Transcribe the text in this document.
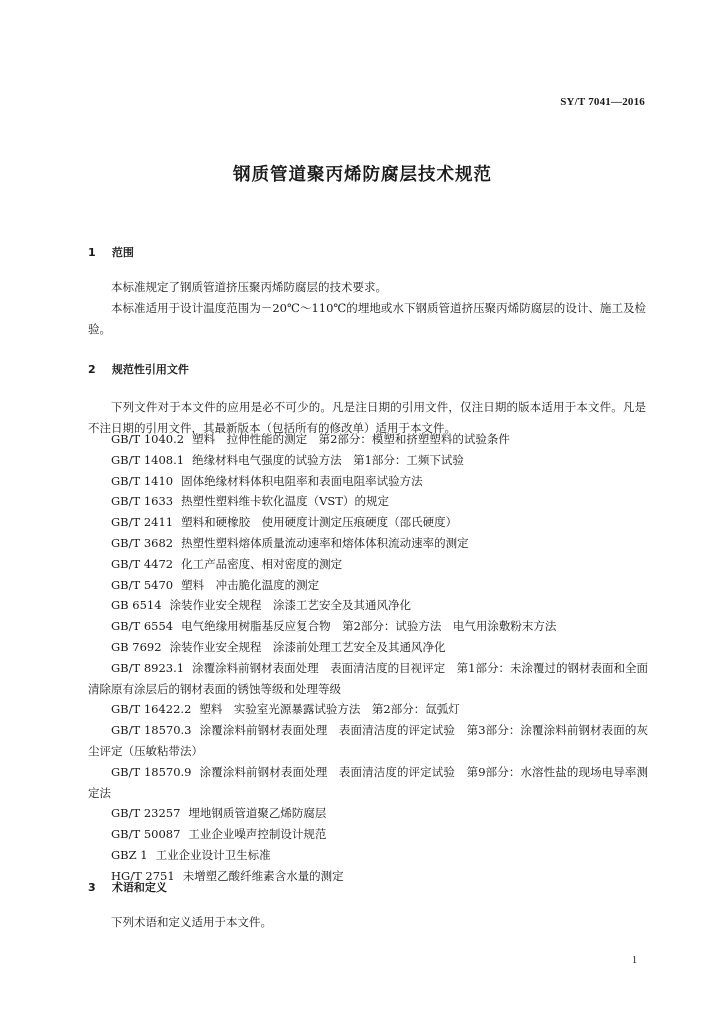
SY/T 7041—2016
钢质管道聚丙烯防腐层技术规范
1 范围

本标准规定了钢质管道挤压聚丙烯防腐层的技术要求。

本标准适用于设计温度范围为－20℃～110℃的埋地或水下钢质管道挤压聚丙烯防腐层的设计、施工及检验。

2 规范性引用文件

下列文件对于本文件的应用是必不可少的。凡是注日期的引用文件，仅注日期的版本适用于本文件。凡是不注日期的引用文件，其最新版本（包括所有的修改单）适用于本文件。

GB/T 1040.2 塑料　拉伸性能的测定　第2部分：模塑和挤塑塑料的试验条件

GB/T 1408.1 绝缘材料电气强度的试验方法　第1部分：工频下试验

GB/T 1410 固体绝缘材料体积电阻率和表面电阻率试验方法

GB/T 1633 热塑性塑料维卡软化温度（VST）的规定

GB/T 2411 塑料和硬橡胶　使用硬度计测定压痕硬度（邵氏硬度）

GB/T 3682 热塑性塑料熔体质量流动速率和熔体体积流动速率的测定

GB/T 4472 化工产品密度、相对密度的测定

GB/T 5470 塑料　冲击脆化温度的测定

GB 6514 涂装作业安全规程　涂漆工艺安全及其通风净化

GB/T 6554 电气绝缘用树脂基反应复合物　第2部分：试验方法　电气用涂敷粉末方法

GB 7692 涂装作业安全规程　涂漆前处理工艺安全及其通风净化

GB/T 8923.1 涂覆涂料前钢材表面处理　表面清洁度的目视评定　第1部分：未涂覆过的钢材表面和全面清除原有涂层后的钢材表面的锈蚀等级和处理等级

GB/T 16422.2 塑料　实验室光源暴露试验方法　第2部分：氙弧灯

GB/T 18570.3 涂覆涂料前钢材表面处理　表面清洁度的评定试验　第3部分：涂覆涂料前钢材表面的灰尘评定（压敏粘带法）

GB/T 18570.9 涂覆涂料前钢材表面处理　表面清洁度的评定试验　第9部分：水溶性盐的现场电导率测定法

GB/T 23257 埋地钢质管道聚乙烯防腐层

GB/T 50087 工业企业噪声控制设计规范

GBZ 1 工业企业设计卫生标准

HG/T 2751 未增塑乙酸纤维素含水量的测定

3 术语和定义

下列术语和定义适用于本文件。

1
